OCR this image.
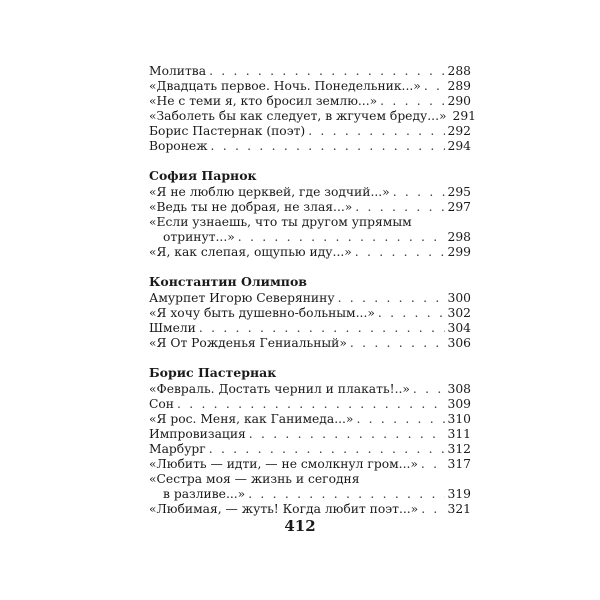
Молитва . . .	288
«Двадцать первое. Ночь. Понедельник...» . . . 289
«Не с теми я, кто бросил землю...» . . .	290
«Заболеть бы как следует, в жгучем бреду...» 291
Борис Пастернак (поэт) . . .	292
Воронеж . . .	294
София Парнок
«Я не люблю церквей, где зодчий...» . . .	295
«Ведь ты не добрая, не злая...» . . .	297
«Если узнаешь, что ты другом упрямым
отринут...» . . .	298
«Я, как слепая, ощупью иду...» . . .	299
Константин Олимпов
Амурпет Игорю Северянину . . .	300
«Я хочу быть душевно-больным...» . . .	302
Шмели . . .	304
«Я От Рожденья Гениальный» . . .	306
Борис Пастернак
«Февраль. Достать чернил и плакать!..» . . .	308
Сон . . .	309
«Я рос. Меня, как Ганимеда...» . . .	310
Импровизация . . .	311
Марбург . . .	312
«Любить — идти, — не смолкнул гром...» . . . 317
«Сестра моя — жизнь и сегодня
в разливе...» . . .	319
«Любимая, — жуть! Когда любит поэт...» . . . 321
412
